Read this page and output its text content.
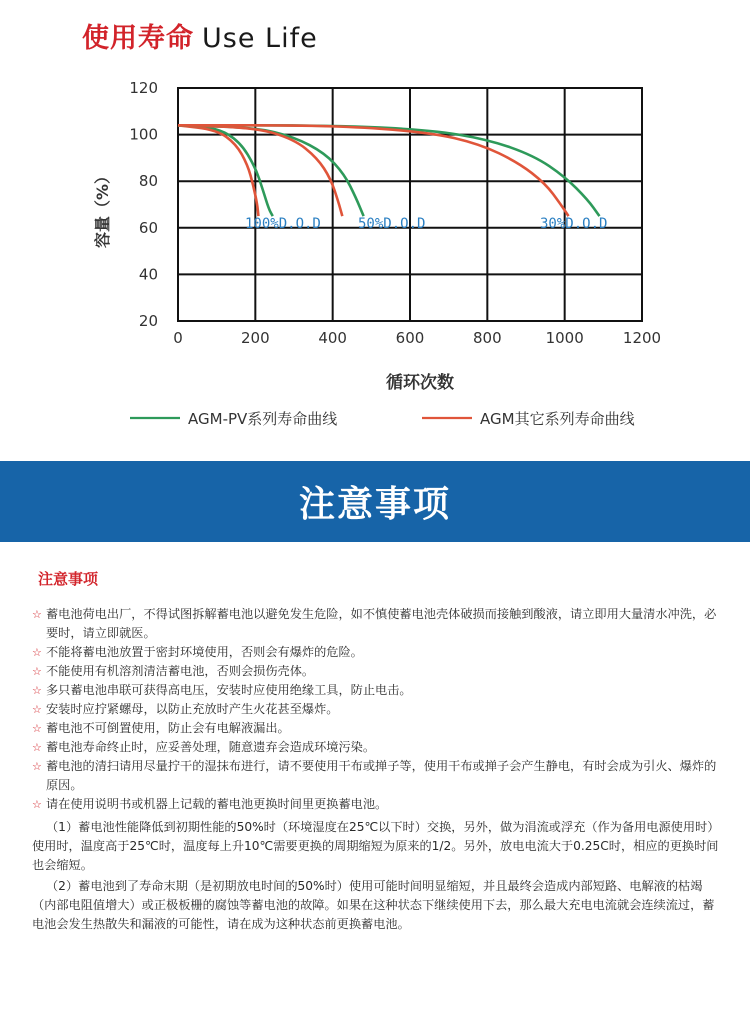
使用寿命 Use Life
0	200	400	600	800	1000	1200
20
40
60
80
100
120
100%D.O.D	50%D.O.D	30%D.O.D
容量（%）
循环次数
AGM-PV系列寿命曲线	AGM其它系列寿命曲线
注意事项
注意事项
☆ 蓄电池荷电出厂，不得试图拆解蓄电池以避免发生危险，如不慎使蓄电池壳体破损而接触到酸液，请立即用大量清水冲洗，必要时，请立即就医。
☆ 不能将蓄电池放置于密封环境使用，否则会有爆炸的危险。
☆ 不能使用有机溶剂清洁蓄电池，否则会损伤壳体。
☆ 多只蓄电池串联可获得高电压，安装时应使用绝缘工具，防止电击。
☆ 安装时应拧紧螺母，以防止充放时产生火花甚至爆炸。
☆ 蓄电池不可倒置使用，防止会有电解液漏出。
☆ 蓄电池寿命终止时，应妥善处理，随意遗弃会造成环境污染。
☆ 蓄电池的清扫请用尽量拧干的湿抹布进行，请不要使用干布或掸子等，使用干布或掸子会产生静电，有时会成为引火、爆炸的原因。
☆ 请在使用说明书或机器上记载的蓄电池更换时间里更换蓄电池。

（1）蓄电池性能降低到初期性能的50%时（环境湿度在25℃以下时）交换，另外，做为涓流或浮充（作为备用电源使用时）使用时，温度高于25℃时，温度每上升10℃需要更换的周期缩短为原来的1/2。另外，放电电流大于0.25C时，相应的更换时间也会缩短。

（2）蓄电池到了寿命末期（是初期放电时间的50%时）使用可能时间明显缩短，并且最终会造成内部短路、电解液的枯竭（内部电阻值增大）或正极板栅的腐蚀等蓄电池的故障。如果在这种状态下继续使用下去，那么最大充电电流就会连续流过，蓄电池会发生热散失和漏液的可能性，请在成为这种状态前更换蓄电池。
